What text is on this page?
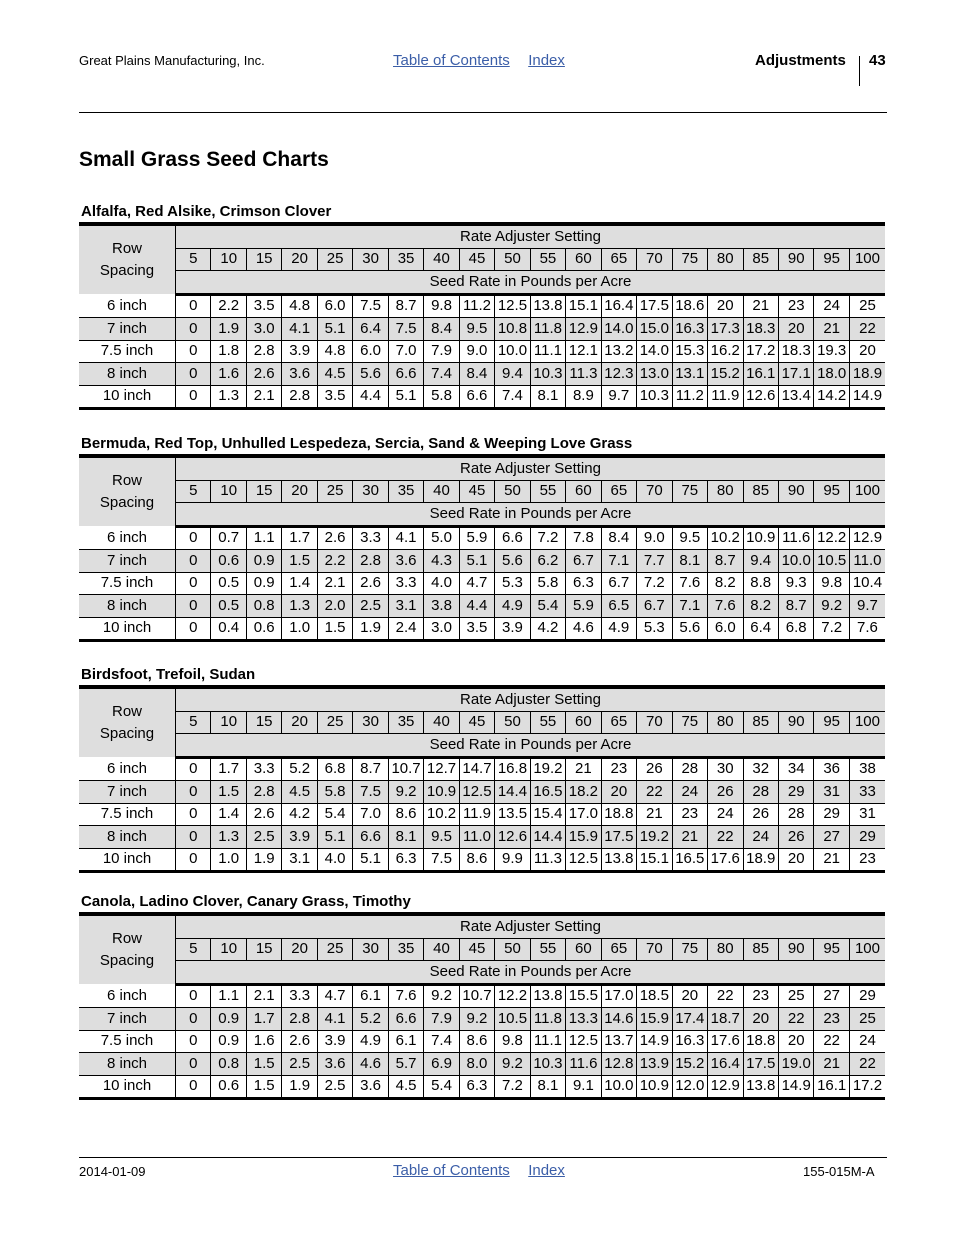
Great Plains Manufacturing, Inc.	Table of Contents Index	Adjustments 43
Small Grass Seed Charts
Alfalfa, Red Alsike, Crimson Clover
Row
Spacing	Rate Adjuster Setting																			
	5	10	15	20	25	30	35	40	45	50	55	60	65	70	75	80	85	90	95	100
	Seed Rate in Pounds per Acre																			
6 inch	0	2.2	3.5	4.8	6.0	7.5	8.7	9.8	11.2	12.5	13.8	15.1	16.4	17.5	18.6	20	21	23	24	25
7 inch	0	1.9	3.0	4.1	5.1	6.4	7.5	8.4	9.5	10.8	11.8	12.9	14.0	15.0	16.3	17.3	18.3	20	21	22
7.5 inch	0	1.8	2.8	3.9	4.8	6.0	7.0	7.9	9.0	10.0	11.1	12.1	13.2	14.0	15.3	16.2	17.2	18.3	19.3	20
8 inch	0	1.6	2.6	3.6	4.5	5.6	6.6	7.4	8.4	9.4	10.3	11.3	12.3	13.0	13.1	15.2	16.1	17.1	18.0	18.9
10 inch	0	1.3	2.1	2.8	3.5	4.4	5.1	5.8	6.6	7.4	8.1	8.9	9.7	10.3	11.2	11.9	12.6	13.4	14.2	14.9
Bermuda, Red Top, Unhulled Lespedeza, Sercia, Sand & Weeping Love Grass
Row
Spacing	Rate Adjuster Setting																			
	5	10	15	20	25	30	35	40	45	50	55	60	65	70	75	80	85	90	95	100
	Seed Rate in Pounds per Acre																			
6 inch	0	0.7	1.1	1.7	2.6	3.3	4.1	5.0	5.9	6.6	7.2	7.8	8.4	9.0	9.5	10.2	10.9	11.6	12.2	12.9
7 inch	0	0.6	0.9	1.5	2.2	2.8	3.6	4.3	5.1	5.6	6.2	6.7	7.1	7.7	8.1	8.7	9.4	10.0	10.5	11.0
7.5 inch	0	0.5	0.9	1.4	2.1	2.6	3.3	4.0	4.7	5.3	5.8	6.3	6.7	7.2	7.6	8.2	8.8	9.3	9.8	10.4
8 inch	0	0.5	0.8	1.3	2.0	2.5	3.1	3.8	4.4	4.9	5.4	5.9	6.5	6.7	7.1	7.6	8.2	8.7	9.2	9.7
10 inch	0	0.4	0.6	1.0	1.5	1.9	2.4	3.0	3.5	3.9	4.2	4.6	4.9	5.3	5.6	6.0	6.4	6.8	7.2	7.6
Birdsfoot, Trefoil, Sudan
Row
Spacing	Rate Adjuster Setting																			
	5	10	15	20	25	30	35	40	45	50	55	60	65	70	75	80	85	90	95	100
	Seed Rate in Pounds per Acre																			
6 inch	0	1.7	3.3	5.2	6.8	8.7	10.7	12.7	14.7	16.8	19.2	21	23	26	28	30	32	34	36	38
7 inch	0	1.5	2.8	4.5	5.8	7.5	9.2	10.9	12.5	14.4	16.5	18.2	20	22	24	26	28	29	31	33
7.5 inch	0	1.4	2.6	4.2	5.4	7.0	8.6	10.2	11.9	13.5	15.4	17.0	18.8	21	23	24	26	28	29	31
8 inch	0	1.3	2.5	3.9	5.1	6.6	8.1	9.5	11.0	12.6	14.4	15.9	17.5	19.2	21	22	24	26	27	29
10 inch	0	1.0	1.9	3.1	4.0	5.1	6.3	7.5	8.6	9.9	11.3	12.5	13.8	15.1	16.5	17.6	18.9	20	21	23
Canola, Ladino Clover, Canary Grass, Timothy
Row
Spacing	Rate Adjuster Setting																			
	5	10	15	20	25	30	35	40	45	50	55	60	65	70	75	80	85	90	95	100
	Seed Rate in Pounds per Acre																			
6 inch	0	1.1	2.1	3.3	4.7	6.1	7.6	9.2	10.7	12.2	13.8	15.5	17.0	18.5	20	22	23	25	27	29
7 inch	0	0.9	1.7	2.8	4.1	5.2	6.6	7.9	9.2	10.5	11.8	13.3	14.6	15.9	17.4	18.7	20	22	23	25
7.5 inch	0	0.9	1.6	2.6	3.9	4.9	6.1	7.4	8.6	9.8	11.1	12.5	13.7	14.9	16.3	17.6	18.8	20	22	24
8 inch	0	0.8	1.5	2.5	3.6	4.6	5.7	6.9	8.0	9.2	10.3	11.6	12.8	13.9	15.2	16.4	17.5	19.0	21	22
10 inch	0	0.6	1.5	1.9	2.5	3.6	4.5	5.4	6.3	7.2	8.1	9.1	10.0	10.9	12.0	12.9	13.8	14.9	16.1	17.2
2014-01-09	Table of Contents Index	155-015M-A
